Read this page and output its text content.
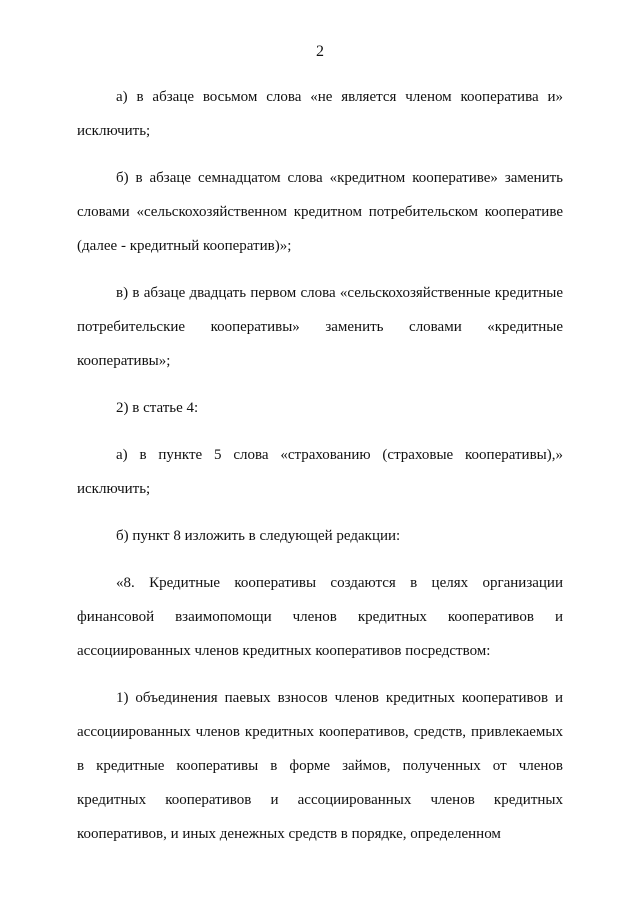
2

а) в абзаце восьмом слова «не является членом кооператива и» исключить;

б) в абзаце семнадцатом слова «кредитном кооперативе» заменить словами «сельскохозяйственном кредитном потребительском кооперативе (далее - кредитный кооператив)»;

в) в абзаце двадцать первом слова «сельскохозяйственные кредитные потребительские кооперативы» заменить словами «кредитные кооперативы»;

2) в статье 4:

а) в пункте 5 слова «страхованию (страховые кооперативы),» исключить;

б) пункт 8 изложить в следующей редакции:

«8. Кредитные кооперативы создаются в целях организации финансовой взаимопомощи членов кредитных кооперативов и ассоциированных членов кредитных кооперативов посредством:

1) объединения паевых взносов членов кредитных кооперативов и ассоциированных членов кредитных кооперативов, средств, привлекаемых в кредитные кооперативы в форме займов, полученных от членов кредитных кооперативов и ассоциированных членов кредитных кооперативов, и иных денежных средств в порядке, определенном
